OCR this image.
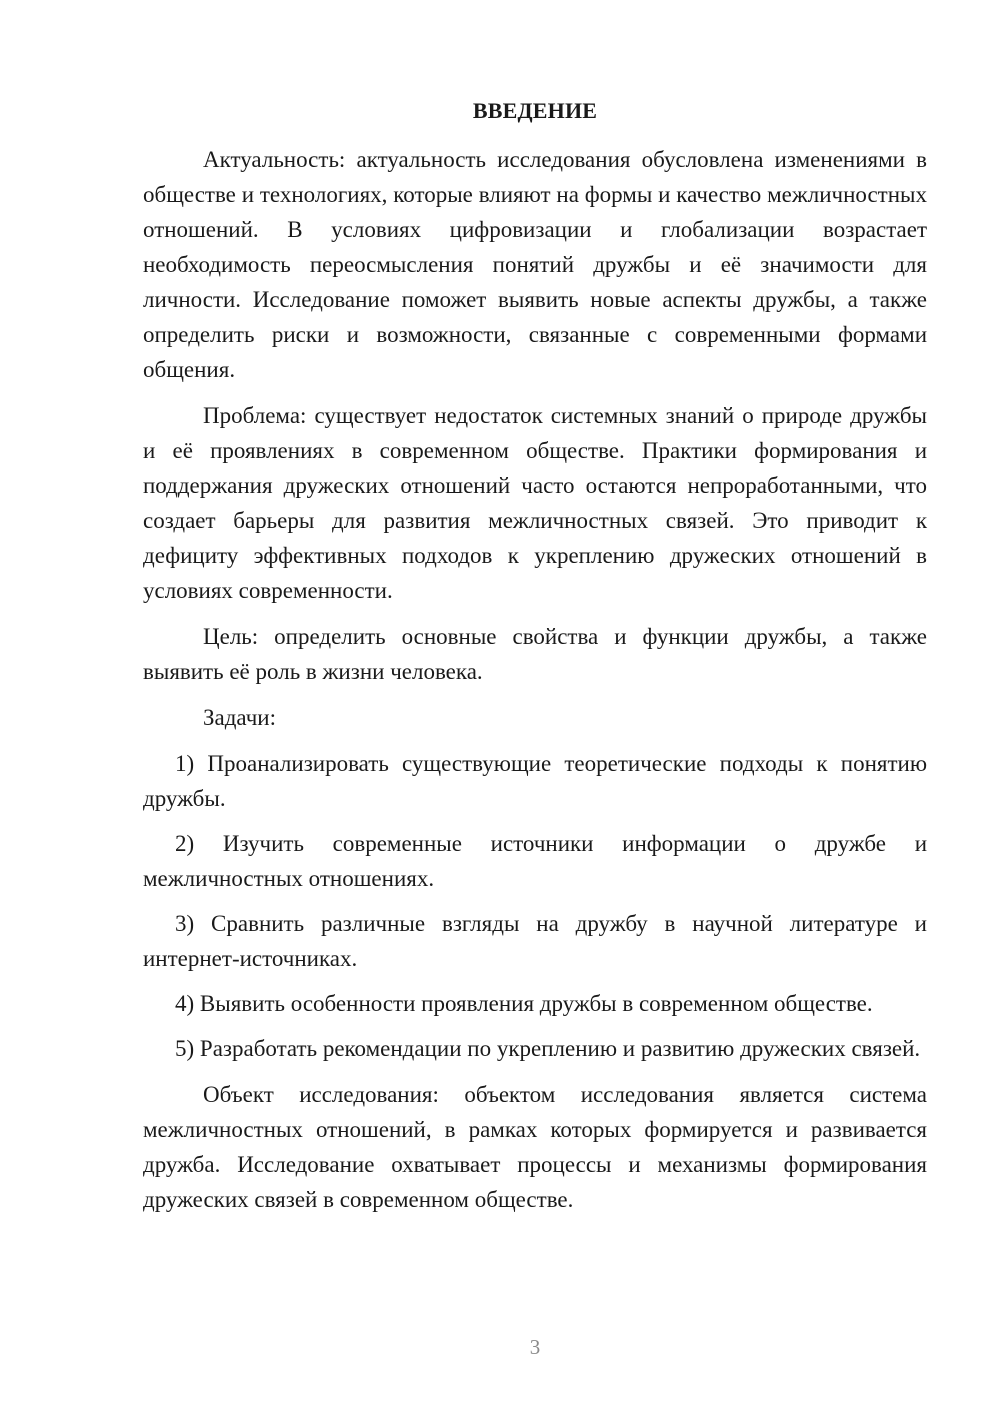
ВВЕДЕНИЕ

Актуальность: актуальность исследования обусловлена изменениями в обществе и технологиях, которые влияют на формы и качество межличностных отношений. В условиях цифровизации и глобализации возрастает необходимость переосмысления понятий дружбы и её значимости для личности. Исследование поможет выявить новые аспекты дружбы, а также определить риски и возможности, связанные с современными формами общения.

Проблема: существует недостаток системных знаний о природе дружбы и её проявлениях в современном обществе. Практики формирования и поддержания дружеских отношений часто остаются непроработанными, что создает барьеры для развития межличностных связей. Это приводит к дефициту эффективных подходов к укреплению дружеских отношений в условиях современности.

Цель: определить основные свойства и функции дружбы, а также выявить её роль в жизни человека.

Задачи:

1) Проанализировать существующие теоретические подходы к понятию дружбы.

2) Изучить современные источники информации о дружбе и межличностных отношениях.

3) Сравнить различные взгляды на дружбу в научной литературе и интернет-источниках.

4) Выявить особенности проявления дружбы в современном обществе.

5) Разработать рекомендации по укреплению и развитию дружеских связей.

Объект исследования: объектом исследования является система межличностных отношений, в рамках которых формируется и развивается дружба. Исследование охватывает процессы и механизмы формирования дружеских связей в современном обществе.

3
